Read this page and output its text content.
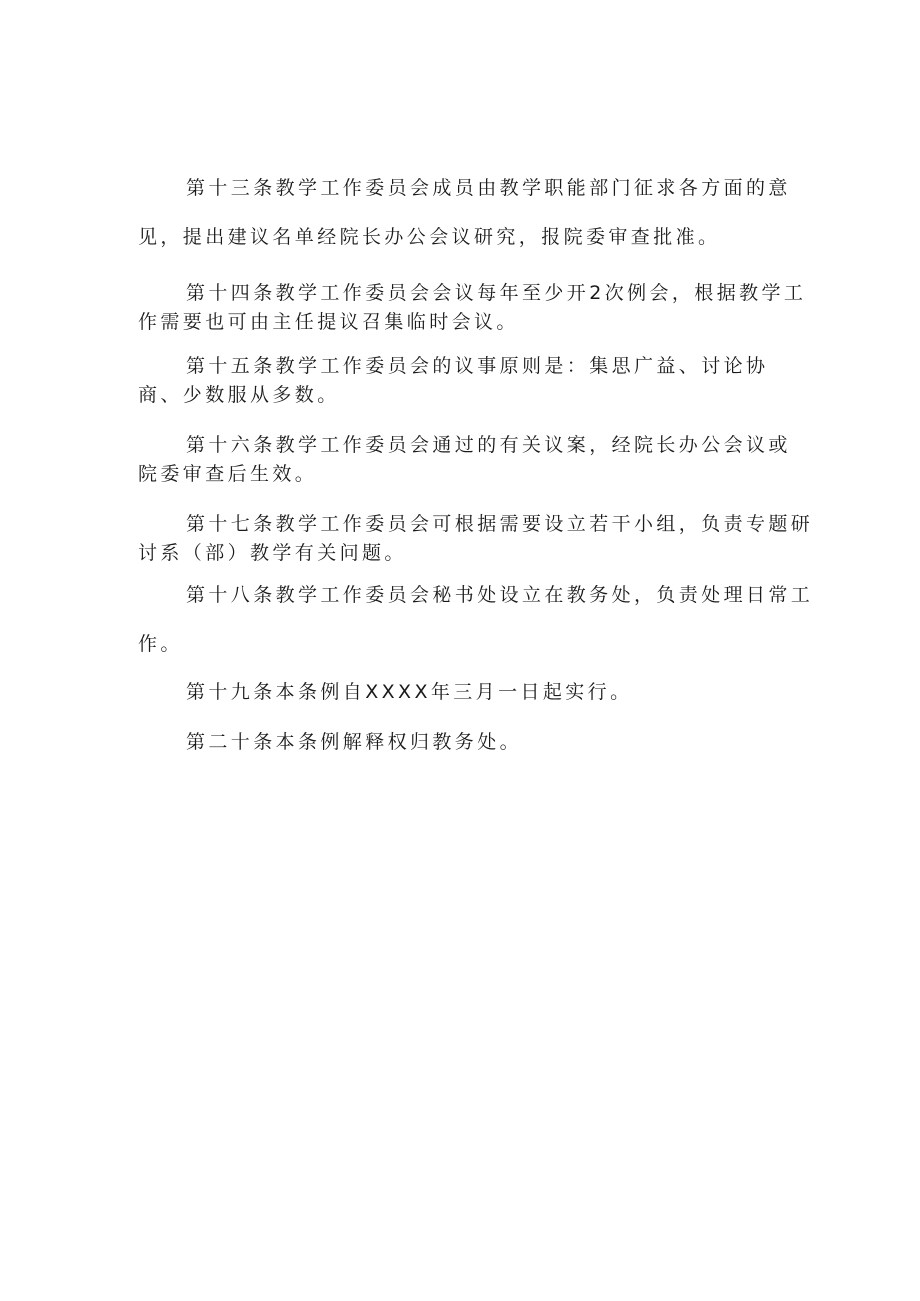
第十三条教学工作委员会成员由教学职能部门征求各方面的意

见，提出建议名单经院长办公会议研究，报院委审查批准。

第十四条教学工作委员会会议每年至少开2次例会，根据教学工

作需要也可由主任提议召集临时会议。

第十五条教学工作委员会的议事原则是：集思广益、讨论协

商、少数服从多数。

第十六条教学工作委员会通过的有关议案，经院长办公会议或

院委审查后生效。

第十七条教学工作委员会可根据需要设立若干小组，负责专题研

讨系（部）教学有关问题。

第十八条教学工作委员会秘书处设立在教务处，负责处理日常工

作。

第十九条本条例自XXXX年三月一日起实行。

第二十条本条例解释权归教务处。
